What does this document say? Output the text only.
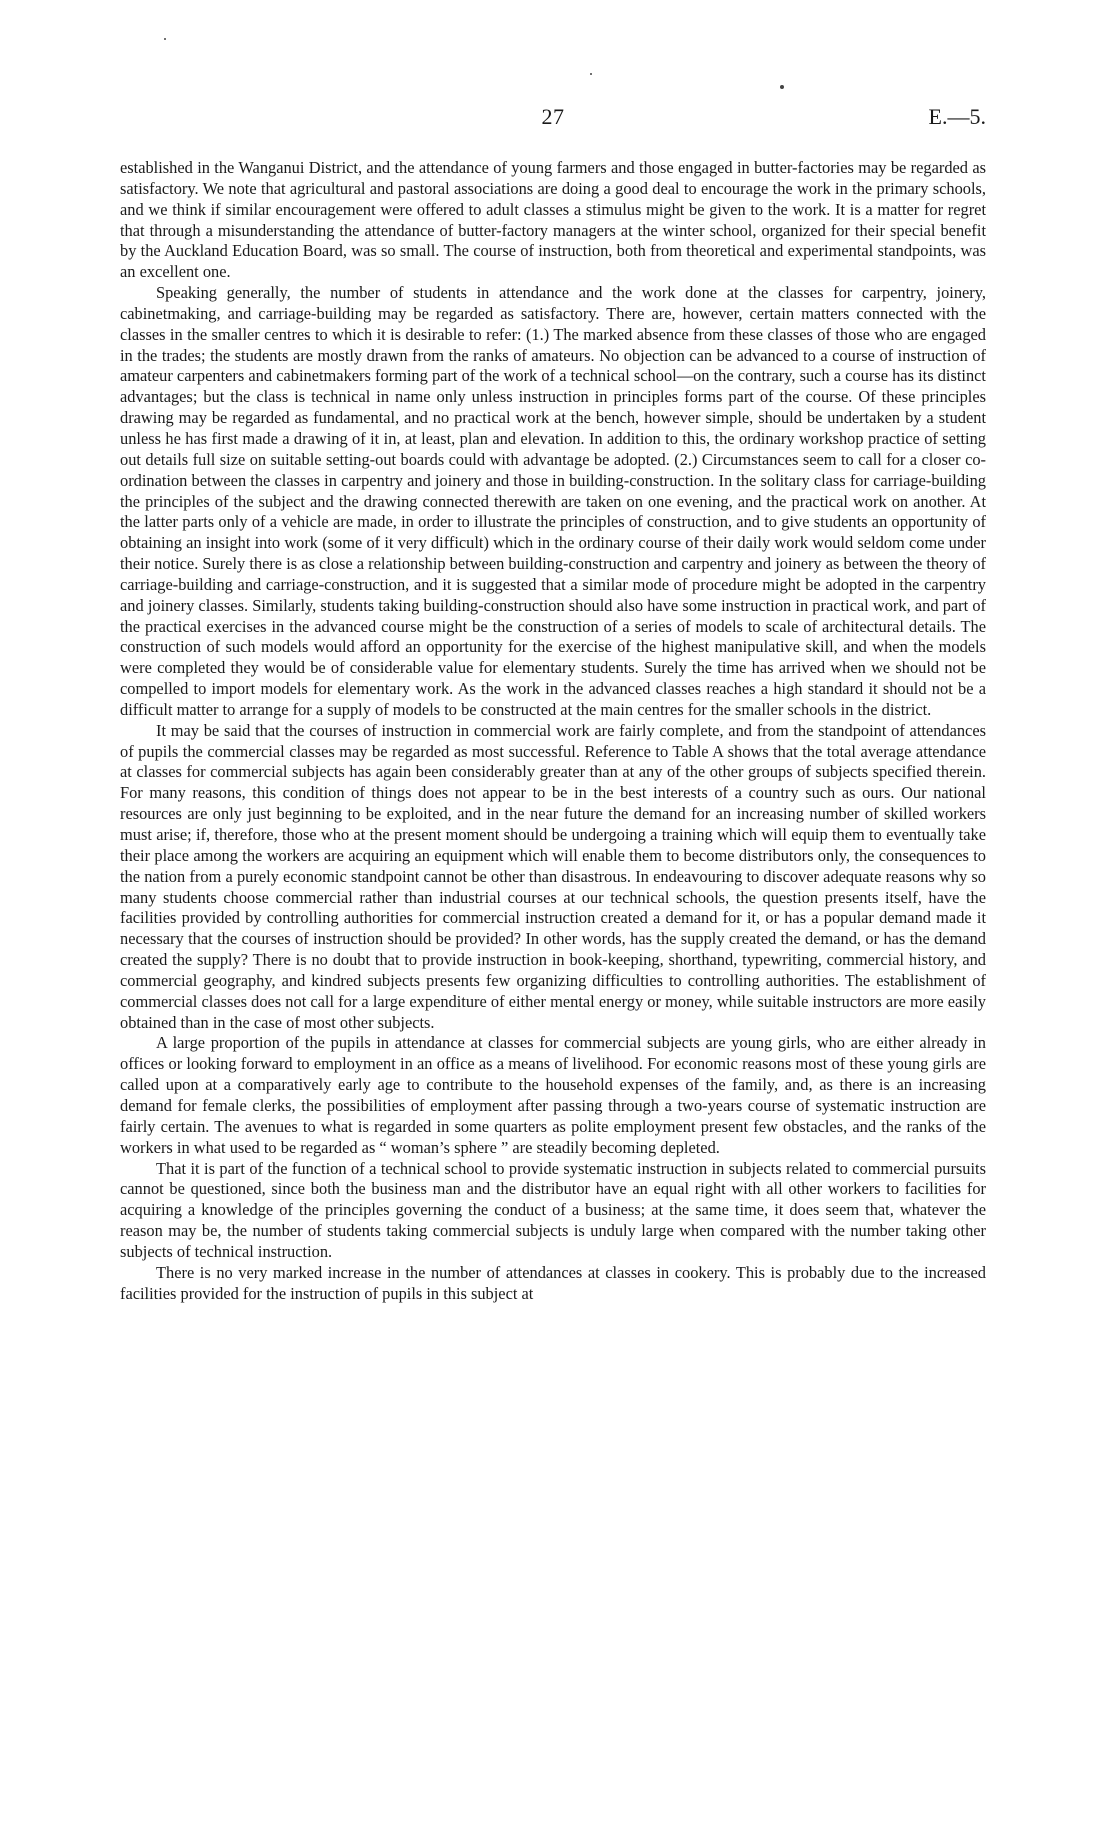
27	E.—5.

established in the Wanganui District, and the attendance of young farmers and those engaged in butter-factories may be regarded as satisfactory. We note that agricultural and pastoral associations are doing a good deal to encourage the work in the primary schools, and we think if similar encouragement were offered to adult classes a stimulus might be given to the work. It is a matter for regret that through a misunderstanding the attendance of butter-factory managers at the winter school, organized for their special benefit by the Auckland Education Board, was so small. The course of instruction, both from theoretical and experimental standpoints, was an excellent one.

Speaking generally, the number of students in attendance and the work done at the classes for carpentry, joinery, cabinetmaking, and carriage-building may be regarded as satisfactory. There are, however, certain matters connected with the classes in the smaller centres to which it is desirable to refer: (1.) The marked absence from these classes of those who are engaged in the trades; the students are mostly drawn from the ranks of amateurs. No objection can be advanced to a course of instruction of amateur carpenters and cabinetmakers forming part of the work of a technical school—on the contrary, such a course has its distinct advantages; but the class is technical in name only unless instruction in principles forms part of the course. Of these principles drawing may be regarded as fundamental, and no practical work at the bench, however simple, should be undertaken by a student unless he has first made a drawing of it in, at least, plan and elevation. In addition to this, the ordinary workshop practice of setting out details full size on suitable setting-out boards could with advantage be adopted. (2.) Circumstances seem to call for a closer co-ordination between the classes in carpentry and joinery and those in building-construction. In the solitary class for carriage-building the principles of the subject and the drawing connected therewith are taken on one evening, and the practical work on another. At the latter parts only of a vehicle are made, in order to illustrate the principles of construction, and to give students an opportunity of obtaining an insight into work (some of it very difficult) which in the ordinary course of their daily work would seldom come under their notice. Surely there is as close a relationship between building-construction and carpentry and joinery as between the theory of carriage-building and carriage-construction, and it is suggested that a similar mode of procedure might be adopted in the carpentry and joinery classes. Similarly, students taking building-construction should also have some instruction in practical work, and part of the practical exercises in the advanced course might be the construction of a series of models to scale of architectural details. The construction of such models would afford an opportunity for the exercise of the highest manipulative skill, and when the models were completed they would be of considerable value for elementary students. Surely the time has arrived when we should not be compelled to import models for elementary work. As the work in the advanced classes reaches a high standard it should not be a difficult matter to arrange for a supply of models to be constructed at the main centres for the smaller schools in the district.

It may be said that the courses of instruction in commercial work are fairly complete, and from the standpoint of attendances of pupils the commercial classes may be regarded as most successful. Reference to Table A shows that the total average attendance at classes for commercial subjects has again been considerably greater than at any of the other groups of subjects specified therein. For many reasons, this condition of things does not appear to be in the best interests of a country such as ours. Our national resources are only just beginning to be exploited, and in the near future the demand for an increasing number of skilled workers must arise; if, therefore, those who at the present moment should be undergoing a training which will equip them to eventually take their place among the workers are acquiring an equipment which will enable them to become distributors only, the consequences to the nation from a purely economic standpoint cannot be other than disastrous. In endeavouring to discover adequate reasons why so many students choose commercial rather than industrial courses at our technical schools, the question presents itself, have the facilities provided by controlling authorities for commercial instruction created a demand for it, or has a popular demand made it necessary that the courses of instruction should be provided? In other words, has the supply created the demand, or has the demand created the supply? There is no doubt that to provide instruction in book-keeping, shorthand, typewriting, commercial history, and commercial geography, and kindred subjects presents few organizing difficulties to controlling authorities. The establishment of commercial classes does not call for a large expenditure of either mental energy or money, while suitable instructors are more easily obtained than in the case of most other subjects.

A large proportion of the pupils in attendance at classes for commercial subjects are young girls, who are either already in offices or looking forward to employment in an office as a means of livelihood. For economic reasons most of these young girls are called upon at a comparatively early age to contribute to the household expenses of the family, and, as there is an increasing demand for female clerks, the possibilities of employment after passing through a two-years course of systematic instruction are fairly certain. The avenues to what is regarded in some quarters as polite employment present few obstacles, and the ranks of the workers in what used to be regarded as “ woman’s sphere ” are steadily becoming depleted.

That it is part of the function of a technical school to provide systematic instruction in subjects related to commercial pursuits cannot be questioned, since both the business man and the distributor have an equal right with all other workers to facilities for acquiring a knowledge of the principles governing the conduct of a business; at the same time, it does seem that, whatever the reason may be, the number of students taking commercial subjects is unduly large when compared with the number taking other subjects of technical instruction.

There is no very marked increase in the number of attendances at classes in cookery. This is probably due to the increased facilities provided for the instruction of pupils in this subject at
